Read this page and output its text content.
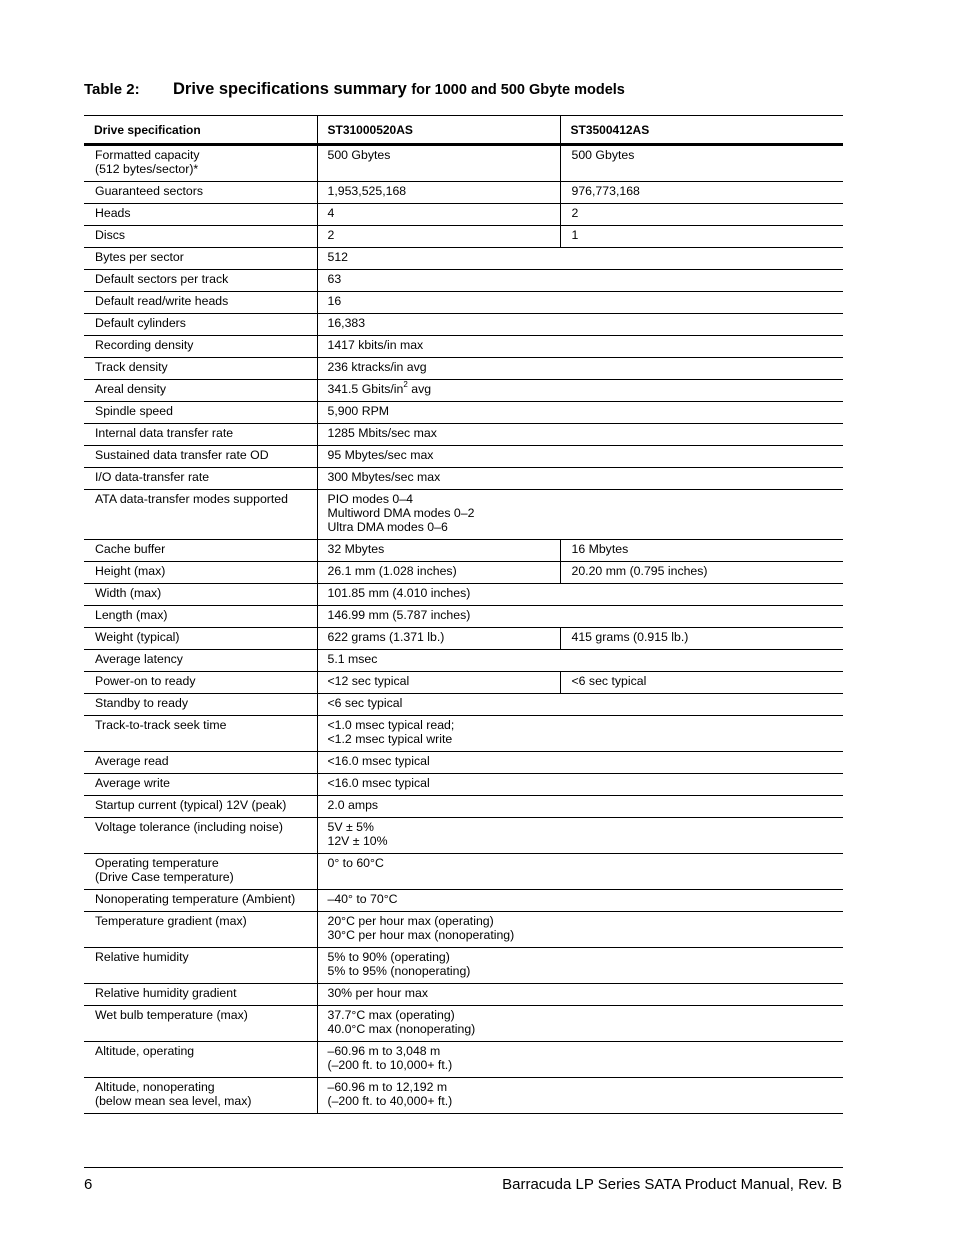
Table 2: Drive specifications summary for 1000 and 500 Gbyte models
Drive specification	ST31000520AS	ST3500412AS
Formatted capacity
(512 bytes/sector)*	500 Gbytes	500 Gbytes
Guaranteed sectors	1,953,525,168	976,773,168
Heads	4	2
Discs	2	1
Bytes per sector	512	
Default sectors per track	63	
Default read/write heads	16	
Default cylinders	16,383	
Recording density	1417 kbits/in max	
Track density	236 ktracks/in avg	
Areal density	341.5 Gbits/$in^2$ avg	
Spindle speed	5,900 RPM	
Internal data transfer rate	1285 Mbits/sec max	
Sustained data transfer rate OD	95 Mbytes/sec max	
I/O data-transfer rate	300 Mbytes/sec max	
ATA data-transfer modes supported	PIO modes 0–4
Multiword DMA modes 0–2
Ultra DMA modes 0–6	
Cache buffer	32 Mbytes	16 Mbytes
Height (max)	26.1 mm (1.028 inches)	20.20 mm (0.795 inches)
Width (max)	101.85 mm (4.010 inches)	
Length (max)	146.99 mm (5.787 inches)	
Weight (typical)	622 grams (1.371 lb.)	415 grams (0.915 lb.)
Average latency	5.1 msec	
Power-on to ready	<12 sec typical	<6 sec typical
Standby to ready	<6 sec typical	
Track-to-track seek time	<1.0 msec typical read;
<1.2 msec typical write	
Average read	<16.0 msec typical	
Average write	<16.0 msec typical	
Startup current (typical) 12V (peak)	2.0 amps	
Voltage tolerance (including noise)	5V ± 5%
12V ± 10%	
Operating temperature
(Drive Case temperature)	0° to 60°C	
Nonoperating temperature (Ambient)	–40° to 70°C	
Temperature gradient (max)	20°C per hour max (operating)
30°C per hour max (nonoperating)	
Relative humidity	5% to 90% (operating)
5% to 95% (nonoperating)	
Relative humidity gradient	30% per hour max	
Wet bulb temperature (max)	37.7°C max (operating)
40.0°C max (nonoperating)	
Altitude, operating	–60.96 m to 3,048 m
(–200 ft. to 10,000+ ft.)	
Altitude, nonoperating
(below mean sea level, max)	–60.96 m to 12,192 m
(–200 ft. to 40,000+ ft.)	
6	Barracuda LP Series SATA Product Manual, Rev. B
